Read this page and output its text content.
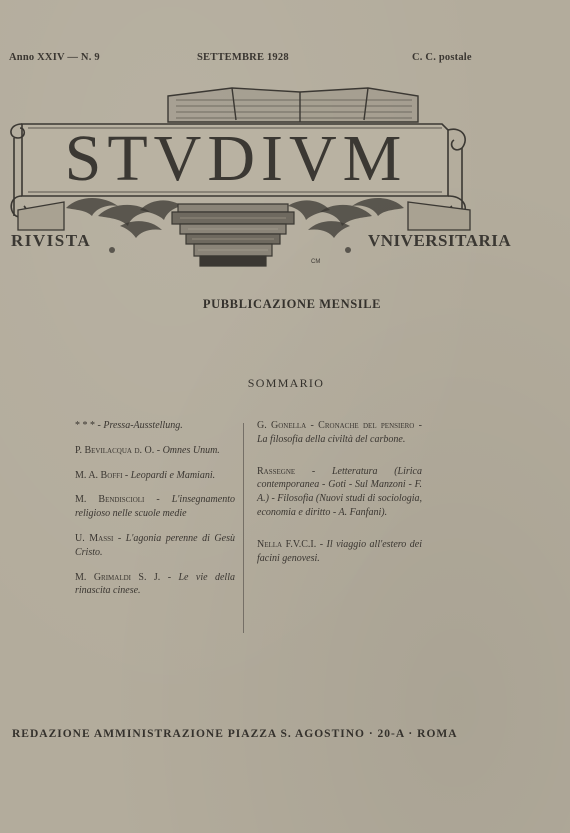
Anno XXIV — N. 9	SETTEMBRE 1928	C. C. postale
STVDIVM
RIVISTA	VNIVERSITARIA
CM
PUBBLICAZIONE MENSILE
SOMMARIO
* * * - Pressa-Ausstellung.
P. Bevilacqua d. O. - Omnes Unum.
M. A. Boffi - Leopardi e Mamiani.
M. Bendiscioli - L'insegnamento religioso nelle scuole medie
U. Massi - L'agonia perenne di Gesù Cristo.
M. Grimaldi S. J. - Le vie della rinascita cinese.
G. Gonella - Cronache del pensiero - La filosofia della civiltà del carbone.
Rassegne - Letteratura (Lirica contemporanea - Goti - Sul Manzoni - F. A.) - Filosofia (Nuovi studi di sociologia, economia e diritto - A. Fanfani).
Nella F.V.C.I. - Il viaggio all'estero dei facini genovesi.
REDAZIONE AMMINISTRAZIONE PIAZZA S. AGOSTINO · 20-A · ROMA
